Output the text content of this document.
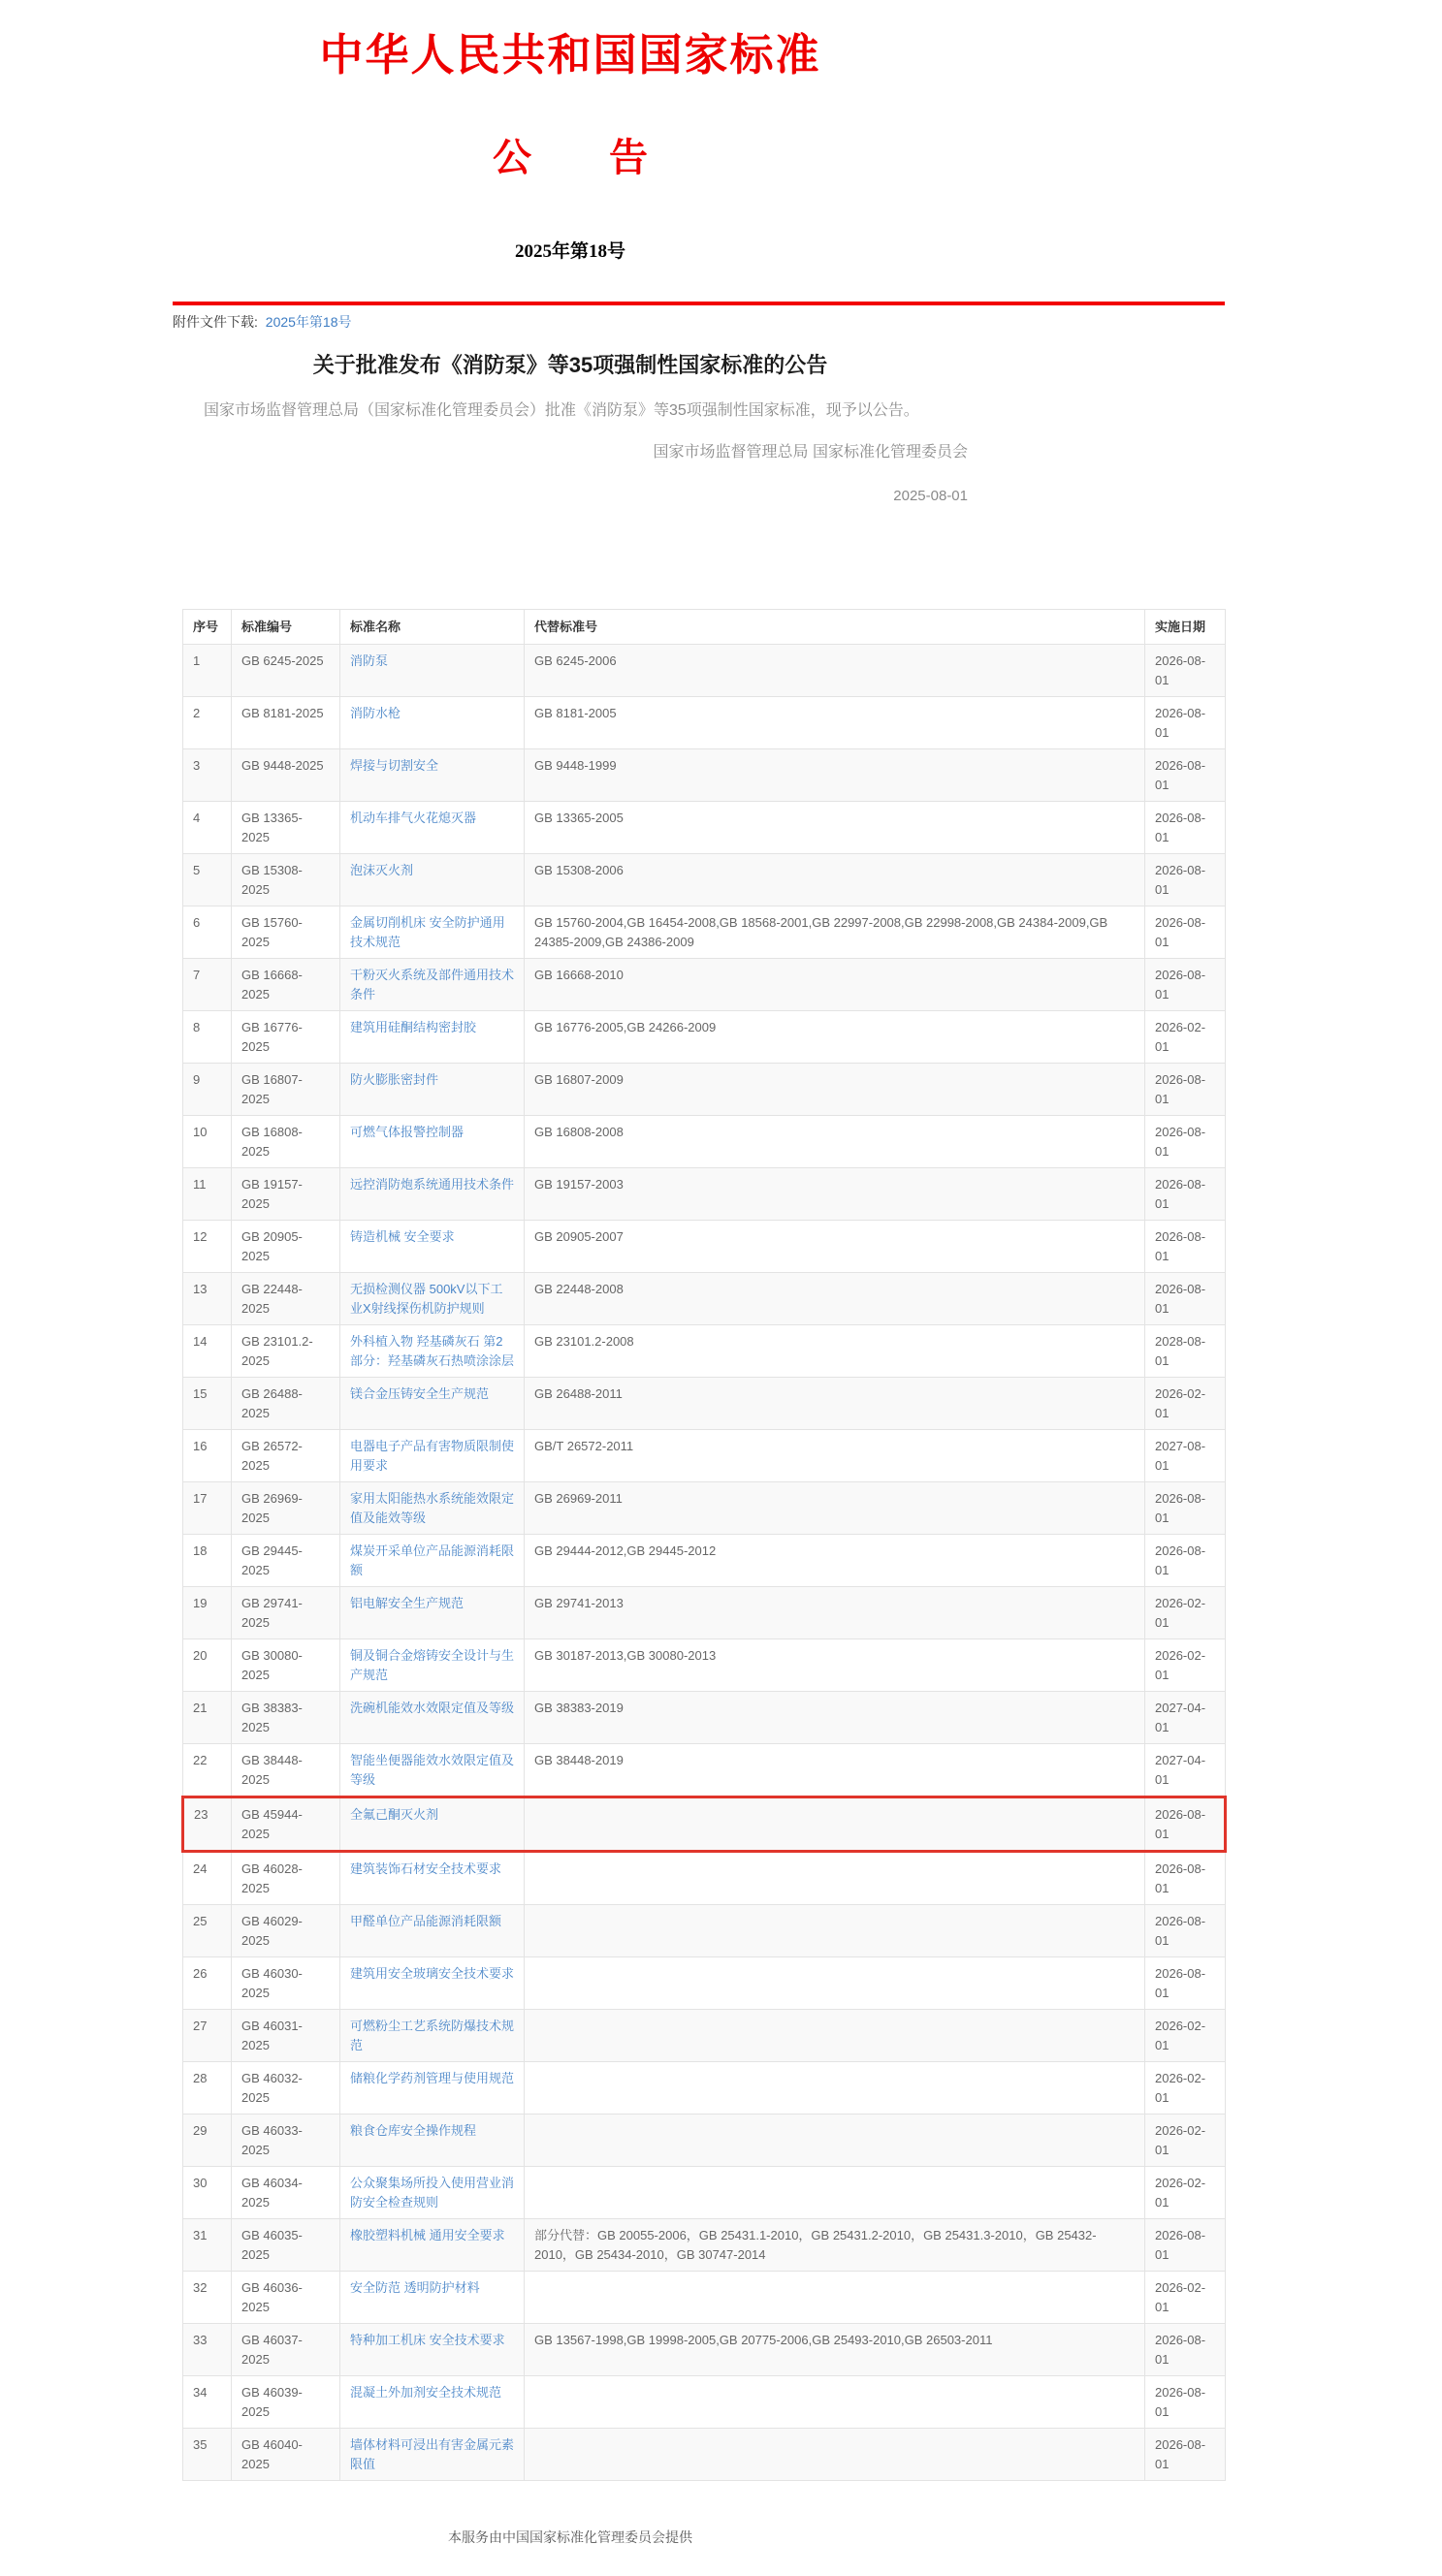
中华人民共和国国家标准
公　　告
2025年第18号
附件文件下载: 2025年第18号
关于批准发布《消防泵》等35项强制性国家标准的公告

国家市场监督管理总局（国家标准化管理委员会）批准《消防泵》等35项强制性国家标准，现予以公告。

国家市场监督管理总局 国家标准化管理委员会

2025-08-01

序号	标准编号	标准名称	代替标准号	实施日期
1	GB 6245-2025	消防泵	GB 6245-2006	2026-08-01
2	GB 8181-2025	消防水枪	GB 8181-2005	2026-08-01
3	GB 9448-2025	焊接与切割安全	GB 9448-1999	2026-08-01
4	GB 13365-2025	机动车排气火花熄灭器	GB 13365-2005	2026-08-01
5	GB 15308-2025	泡沫灭火剂	GB 15308-2006	2026-08-01
6	GB 15760-2025	金属切削机床 安全防护通用技术规范	GB 15760-2004,GB 16454-2008,GB 18568-2001,GB 22997-2008,GB 22998-2008,GB 24384-2009,GB 24385-2009,GB 24386-2009	2026-08-01
7	GB 16668-2025	干粉灭火系统及部件通用技术条件	GB 16668-2010	2026-08-01
8	GB 16776-2025	建筑用硅酮结构密封胶	GB 16776-2005,GB 24266-2009	2026-02-01
9	GB 16807-2025	防火膨胀密封件	GB 16807-2009	2026-08-01
10	GB 16808-2025	可燃气体报警控制器	GB 16808-2008	2026-08-01
11	GB 19157-2025	远控消防炮系统通用技术条件	GB 19157-2003	2026-08-01
12	GB 20905-2025	铸造机械 安全要求	GB 20905-2007	2026-08-01
13	GB 22448-2025	无损检测仪器 500kV以下工业X射线探伤机防护规则	GB 22448-2008	2026-08-01
14	GB 23101.2-2025	外科植入物 羟基磷灰石 第2部分：羟基磷灰石热喷涂涂层	GB 23101.2-2008	2028-08-01
15	GB 26488-2025	镁合金压铸安全生产规范	GB 26488-2011	2026-02-01
16	GB 26572-2025	电器电子产品有害物质限制使用要求	GB/T 26572-2011	2027-08-01
17	GB 26969-2025	家用太阳能热水系统能效限定值及能效等级	GB 26969-2011	2026-08-01
18	GB 29445-2025	煤炭开采单位产品能源消耗限额	GB 29444-2012,GB 29445-2012	2026-08-01
19	GB 29741-2025	铝电解安全生产规范	GB 29741-2013	2026-02-01
20	GB 30080-2025	铜及铜合金熔铸安全设计与生产规范	GB 30187-2013,GB 30080-2013	2026-02-01
21	GB 38383-2025	洗碗机能效水效限定值及等级	GB 38383-2019	2027-04-01
22	GB 38448-2025	智能坐便器能效水效限定值及等级	GB 38448-2019	2027-04-01
23	GB 45944-2025	全氟己酮灭火剂		2026-08-01
24	GB 46028-2025	建筑装饰石材安全技术要求		2026-08-01
25	GB 46029-2025	甲醛单位产品能源消耗限额		2026-08-01
26	GB 46030-2025	建筑用安全玻璃安全技术要求		2026-08-01
27	GB 46031-2025	可燃粉尘工艺系统防爆技术规范		2026-02-01
28	GB 46032-2025	储粮化学药剂管理与使用规范		2026-02-01
29	GB 46033-2025	粮食仓库安全操作规程		2026-02-01
30	GB 46034-2025	公众聚集场所投入使用营业消防安全检查规则		2026-02-01
31	GB 46035-2025	橡胶塑料机械 通用安全要求	部分代替：GB 20055-2006，GB 25431.1-2010，GB 25431.2-2010，GB 25431.3-2010，GB 25432-2010，GB 25434-2010，GB 30747-2014	2026-08-01
32	GB 46036-2025	安全防范 透明防护材料		2026-02-01
33	GB 46037-2025	特种加工机床 安全技术要求	GB 13567-1998,GB 19998-2005,GB 20775-2006,GB 25493-2010,GB 26503-2011	2026-08-01
34	GB 46039-2025	混凝土外加剂安全技术规范		2026-08-01
35	GB 46040-2025	墙体材料可浸出有害金属元素限值		2026-08-01
本服务由中国国家标准化管理委员会提供
